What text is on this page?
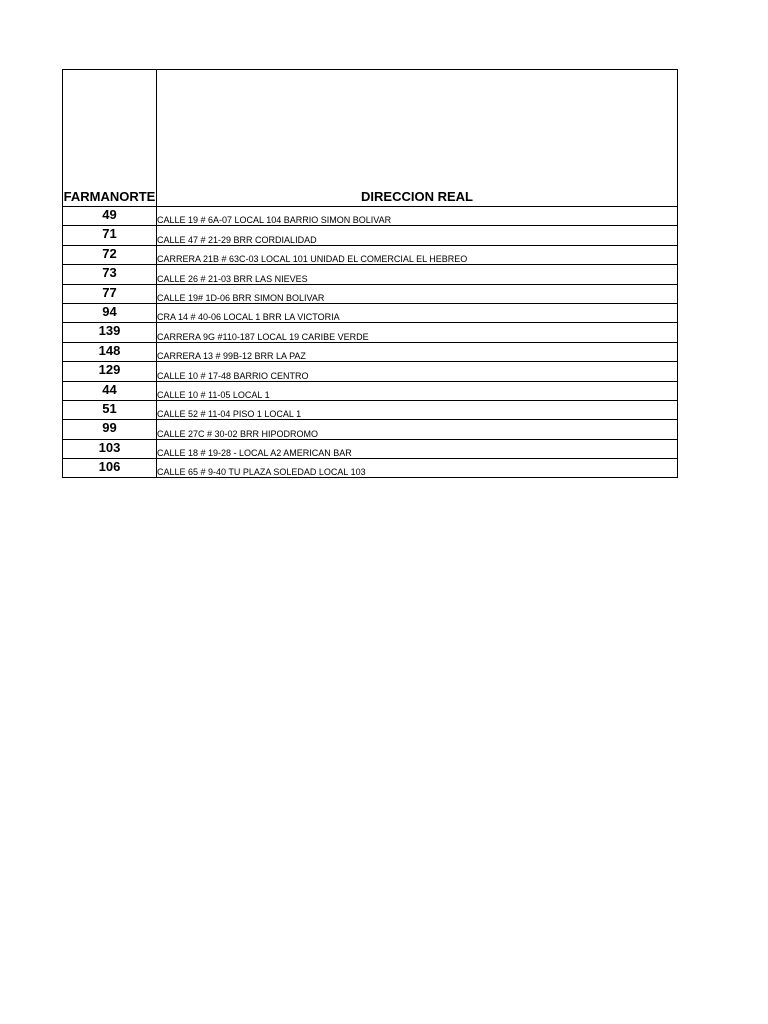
FARMANORTE	DIRECCION REAL
49	CALLE 19 # 6A-07 LOCAL 104 BARRIO SIMON BOLIVAR
71	CALLE 47 # 21-29 BRR CORDIALIDAD
72	CARRERA 21B # 63C-03 LOCAL 101 UNIDAD EL COMERCIAL EL HEBREO
73	CALLE 26 # 21-03 BRR LAS NIEVES
77	CALLE 19# 1D-06 BRR SIMON BOLIVAR
94	CRA 14 # 40-06 LOCAL 1 BRR LA VICTORIA
139	CARRERA 9G #110-187 LOCAL 19 CARIBE VERDE
148	CARRERA 13 # 99B-12 BRR LA PAZ
129	CALLE 10 # 17-48 BARRIO CENTRO
44	CALLE 10 # 11-05 LOCAL 1
51	CALLE 52 # 11-04 PISO 1 LOCAL 1
99	CALLE 27C # 30-02 BRR HIPODROMO
103	CALLE 18 # 19-28 - LOCAL A2 AMERICAN BAR
106	CALLE 65 # 9-40 TU PLAZA SOLEDAD LOCAL 103
